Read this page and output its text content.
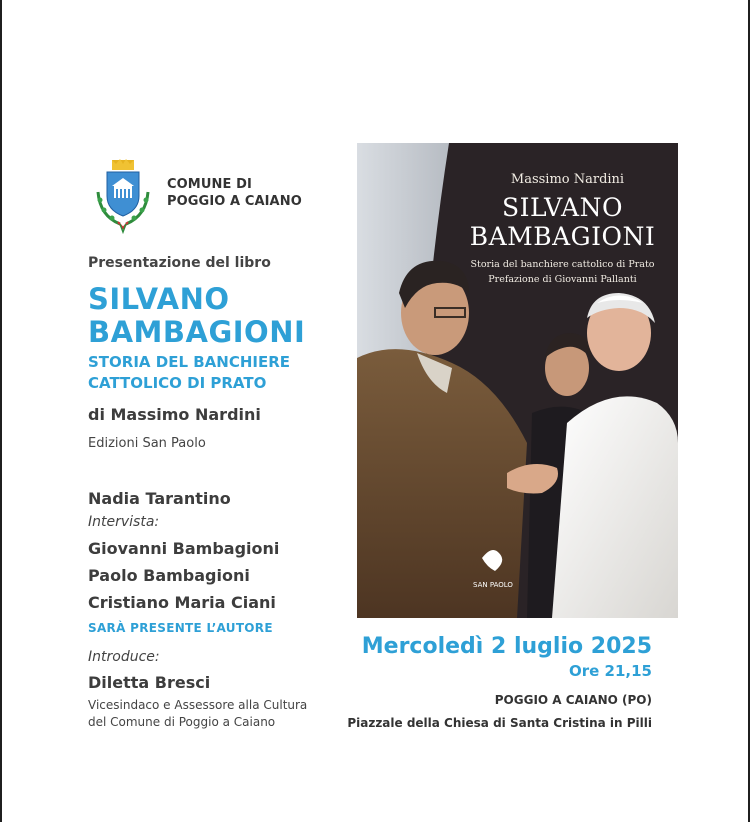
COMUNE DI
POGGIO A CAIANO
Presentazione del libro
SILVANO
BAMBAGIONI
STORIA DEL BANCHIERE
CATTOLICO DI PRATO
di Massimo Nardini
Edizioni San Paolo
Nadia Tarantino
Intervista:
Giovanni Bambagioni
Paolo Bambagioni
Cristiano Maria Ciani
SARÀ PRESENTE L’AUTORE
Introduce:
Diletta Bresci
Vicesindaco e Assessore alla Cultura
del Comune di Poggio a Caiano
Massimo Nardini
SILVANO
BAMBAGIONI
Storia del banchiere cattolico di Prato
Prefazione di Giovanni Pallanti
SAN PAOLO
Mercoledì 2 luglio 2025
Ore 21,15
POGGIO A CAIANO (PO)
Piazzale della Chiesa di Santa Cristina in Pilli
